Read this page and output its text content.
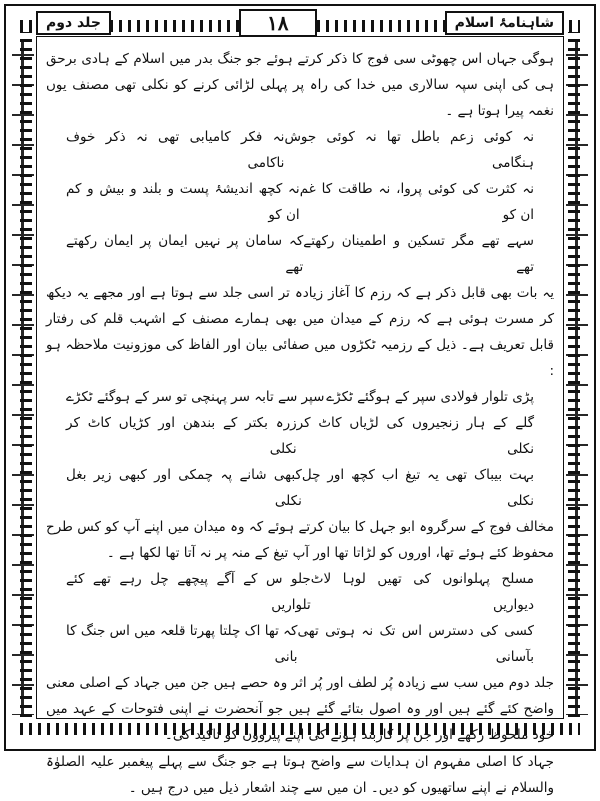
جلد دوم	١٨	شاہنامۂ اسلام

ہوگی جہاں اس چھوٹی سی فوج کا ذکر کرتے ہوئے جو جنگ بدر میں اسلام کے ہادی برحق ہی کی اپنی سپہ سالاری میں خدا کی راہ پر پہلی لڑائی کرنے کو نکلی تھی مصنف یوں نغمہ پیرا ہوتا ہے ۔

نہ کوئی زعم باطل تھا نہ کوئی جوش ہنگامی
نہ فکر کامیابی تھی نہ ذکر خوف ناکامی
نہ کثرت کی کوئی پروا، نہ طاقت کا غم ان کو
نہ کچھ اندیشۂ پست و بلند و بیش و کم ان کو
سہے تھے مگر تسکین و اطمینان رکھتے تھے
کہ سامان پر نہیں ایمان پر ایمان رکھتے تھے

یہ بات بھی قابل ذکر ہے کہ رزم کا آغاز زیادہ تر اسی جلد سے ہوتا ہے اور مجھے یہ دیکھ کر مسرت ہوئی ہے کہ رزم کے میدان میں بھی ہمارے مصنف کے اشہب قلم کی رفتار قابل تعریف ہے۔ ذیل کے رزمیہ ٹکڑوں میں صفائی بیان اور الفاظ کی موزونیت ملاحظہ ہو :

پڑی تلوار فولادی سپر کے ہوگئے ٹکڑے
سپر سے تابہ سر پہنچی تو سر کے ہوگئے ٹکڑے
گلے کے ہار زنجیروں کی لڑیاں کاٹ کر نکلی
زرہ بکتر کے بندھن اور کڑیاں کاٹ کر نکلی
بہت بیباک تھی یہ تیغ اب کچھ اور چل نکلی
کبھی شانے پہ چمکی اور کبھی زیر بغل نکلی

مخالف فوج کے سرگروہ ابو جہل کا بیان کرتے ہوئے کہ وہ میدان میں اپنے آپ کو کس طرح محفوظ کئے ہوئے تھا، اوروں کو لڑاتا تھا اور آپ تیغ کے منہ پر نہ آتا تھا لکھا ہے ۔

مسلح پہلوانوں کی تھیں لوہا لاٹ دیواریں
جلو س کے آگے پیچھے چل رہے تھے کئے تلواریں
کسی کی دسترس اس تک نہ ہوتی تھی بآسانی
کہ تھا اک چلتا پھرتا قلعہ میں اس جنگ کا بانی

جلد دوم میں سب سے زیادہ پُر لطف اور پُر اثر وہ حصے ہیں جن میں جہاد کے اصلی معنی واضح کئے گئے ہیں اور وہ اصول بتائے گئے ہیں جو آنحضرت نے اپنی فتوحات کے عہد میں خود ملحوظ رکھے اور جن پر کاربند ہونے کی اپنے پیروؤں کو تاکید کی۔

جہاد کا اصلی مفہوم ان ہدایات سے واضح ہوتا ہے جو جنگ سے پہلے پیغمبر علیہ الصلوٰۃ والسلام نے اپنے ساتھیوں کو دیں۔ ان میں سے چند اشعار ذیل میں درج ہیں ۔
